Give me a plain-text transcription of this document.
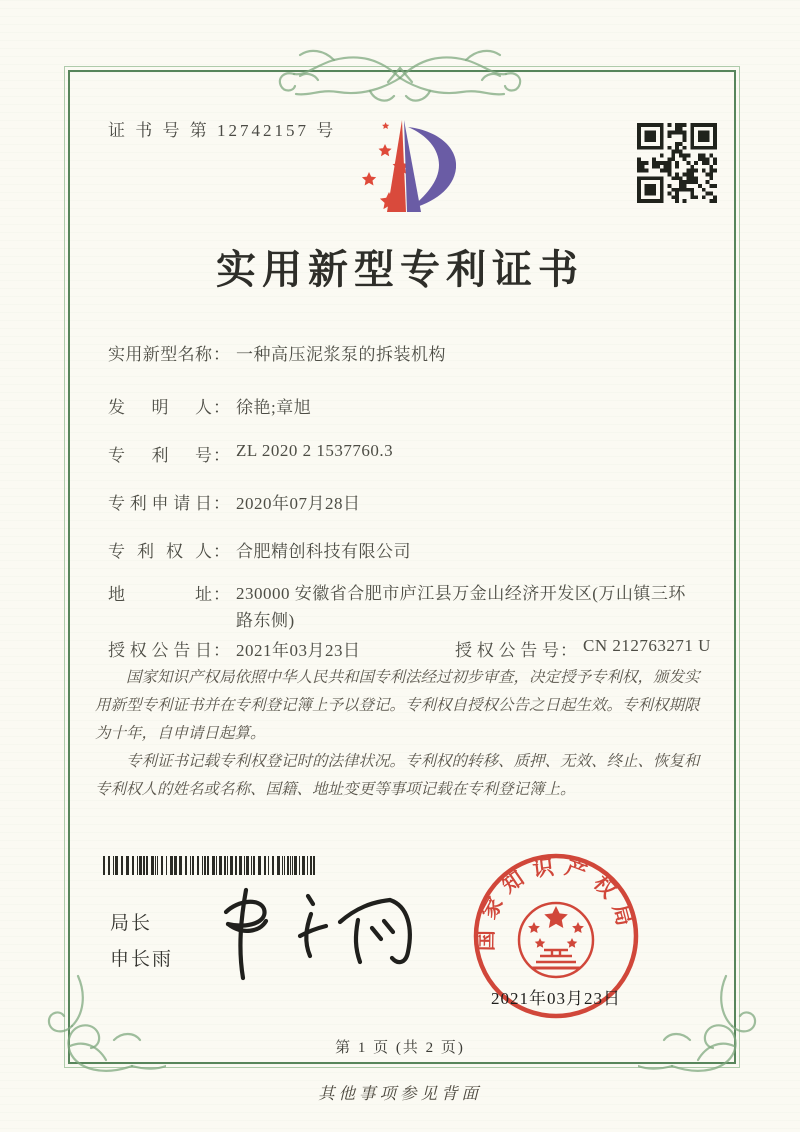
证 书 号 第 12742157 号
实用新型专利证书
实用新型名称： 一种高压泥浆泵的拆装机构
发明人： 徐艳;章旭
专利号： ZL 2020 2 1537760.3
专利申请日： 2020年07月28日
专利权人： 合肥精创科技有限公司
地址： 230000 安徽省合肥市庐江县万金山经济开发区(万山镇三环路东侧)
授权公告日： 2021年03月23日	授权公告号： CN 212763271 U

国家知识产权局依照中华人民共和国专利法经过初步审查，决定授予专利权，颁发实用新型专利证书并在专利登记簿上予以登记。专利权自授权公告之日起生效。专利权期限为十年，自申请日起算。

专利证书记载专利权登记时的法律状况。专利权的转移、质押、无效、终止、恢复和专利权人的姓名或名称、国籍、地址变更等事项记载在专利登记簿上。

局长
申长雨
国家知识产权局
2021年03月23日
第 1 页 (共 2 页)
其他事项参见背面
